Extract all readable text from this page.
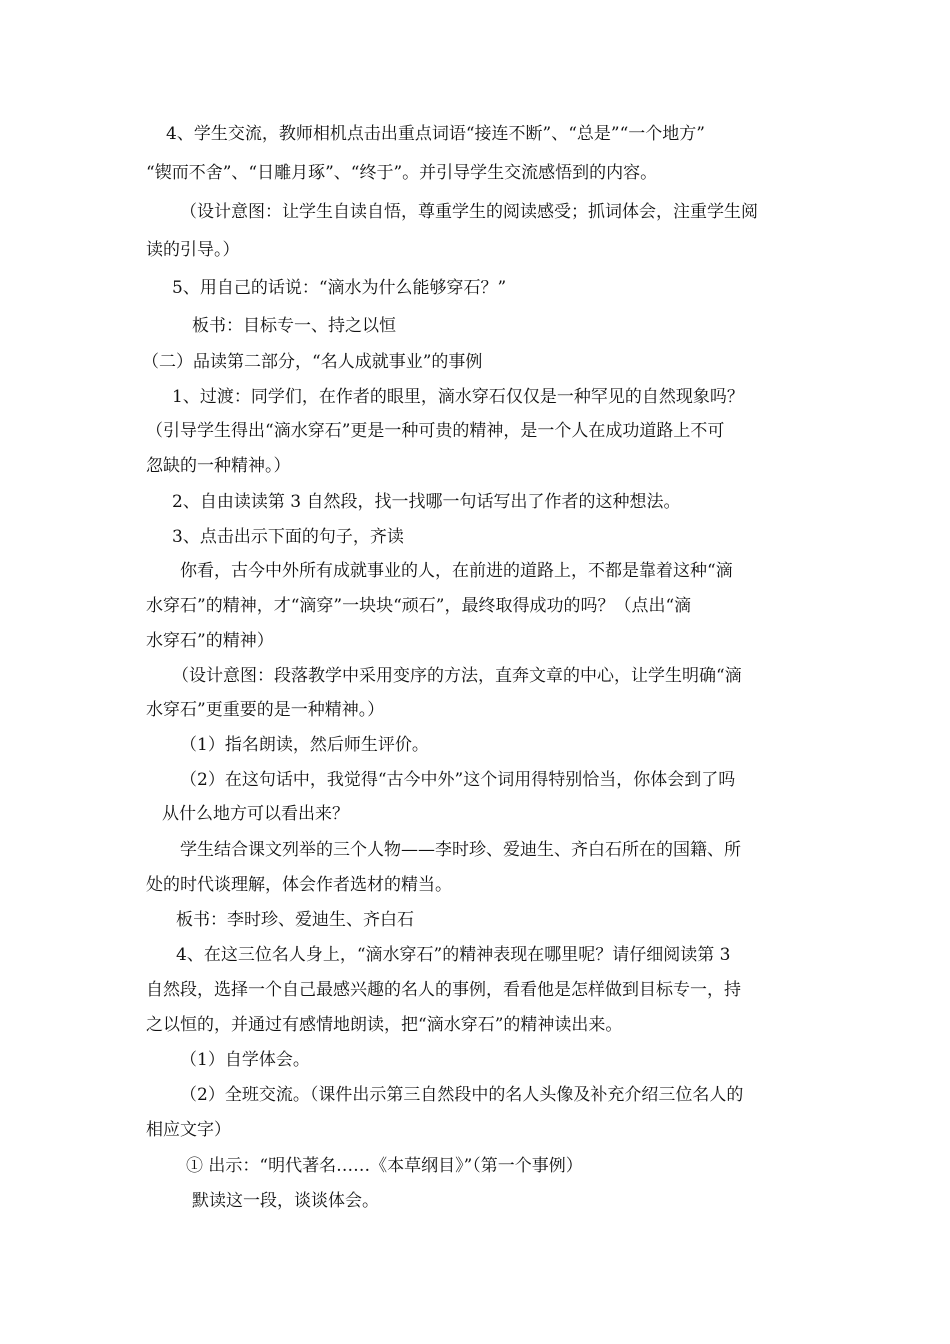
4、学生交流，教师相机点击出重点词语“接连不断”、“总是”“一个地方”
“锲而不舍”、“日雕月琢”、“终于”。并引导学生交流感悟到的内容。
（设计意图：让学生自读自悟，尊重学生的阅读感受；抓词体会，注重学生阅
读的引导。）
5、用自己的话说：“滴水为什么能够穿石？”
板书：目标专一、持之以恒
（二）品读第二部分，“名人成就事业”的事例
1、过渡：同学们，在作者的眼里，滴水穿石仅仅是一种罕见的自然现象吗？
（引导学生得出“滴水穿石”更是一种可贵的精神，是一个人在成功道路上不可
忽缺的一种精神。）
2、自由读读第 3 自然段，找一找哪一句话写出了作者的这种想法。
3、点击出示下面的句子，齐读
你看，古今中外所有成就事业的人，在前进的道路上，不都是靠着这种“滴
水穿石”的精神，才“滴穿”一块块“顽石”，最终取得成功的吗？（点出“滴
水穿石”的精神）
（设计意图：段落教学中采用变序的方法，直奔文章的中心，让学生明确“滴
水穿石”更重要的是一种精神。）
（1）指名朗读，然后师生评价。
（2）在这句话中，我觉得“古今中外”这个词用得特别恰当，你体会到了吗
从什么地方可以看出来？
学生结合课文列举的三个人物——李时珍、爱迪生、齐白石所在的国籍、所
处的时代谈理解，体会作者选材的精当。
板书：李时珍、爱迪生、齐白石
4、在这三位名人身上，“滴水穿石”的精神表现在哪里呢？请仔细阅读第 3
自然段，选择一个自己最感兴趣的名人的事例，看看他是怎样做到目标专一，持
之以恒的，并通过有感情地朗读，把“滴水穿石”的精神读出来。
（1）自学体会。
（2）全班交流。（课件出示第三自然段中的名人头像及补充介绍三位名人的
相应文字）
① 出示：“明代著名……《本草纲目》”（第一个事例）
默读这一段，谈谈体会。
